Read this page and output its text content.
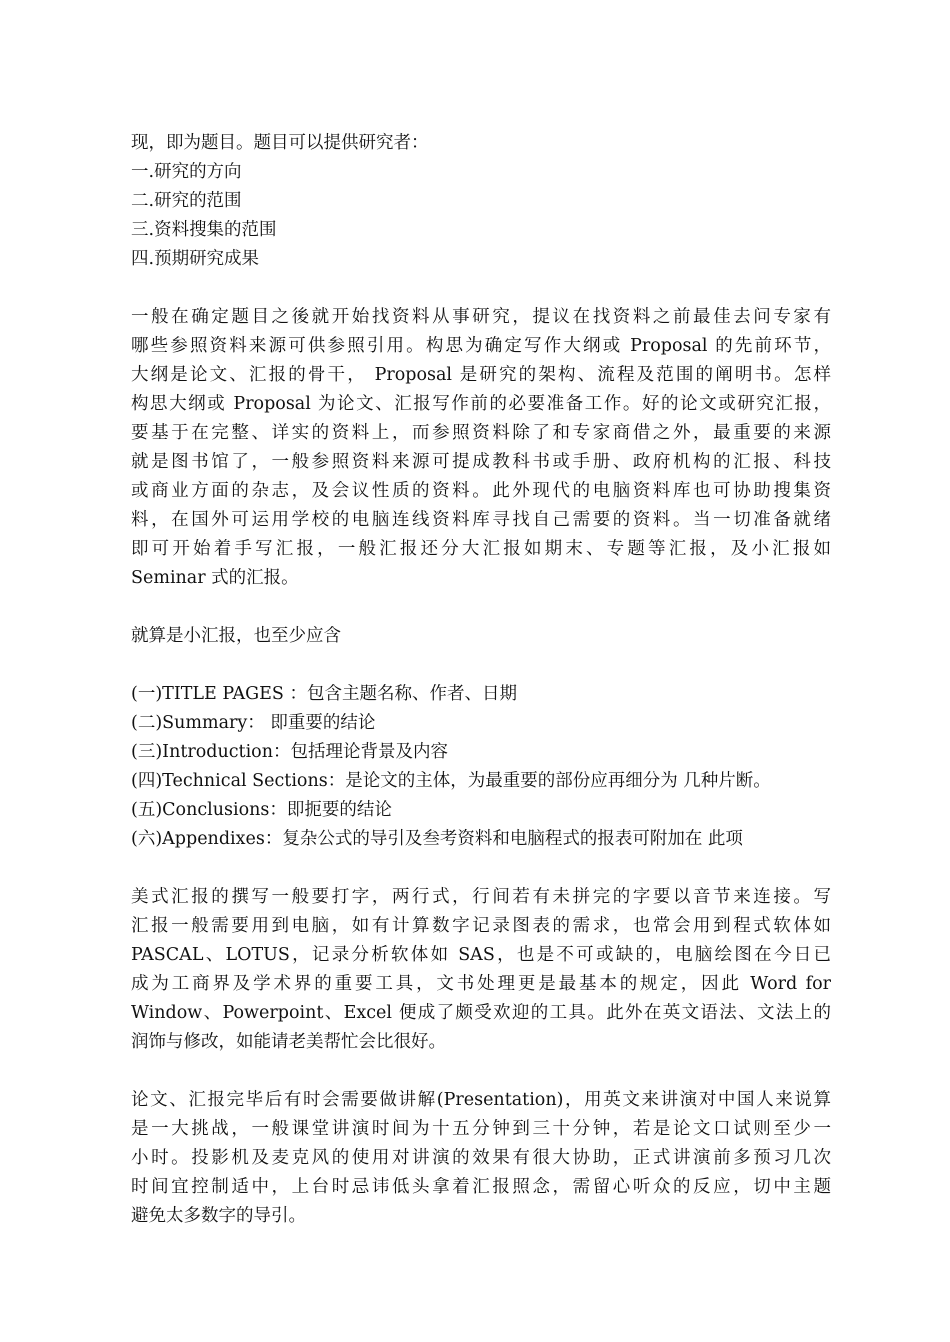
现，即为题目。题目可以提供研究者：

一.研究的方向

二.研究的范围

三.资料搜集的范围

四.预期研究成果

一般在确定题目之後就开始找资料从事研究，提议在找资料之前最佳去问专家有

哪些参照资料来源可供参照引用。构思为确定写作大纲或 Proposal 的先前环节，

大纲是论文、汇报的骨干， Proposal 是研究的架构、流程及范围的阐明书。怎样

构思大纲或 Proposal 为论文、汇报写作前的必要准备工作。好的论文或研究汇报，

要基于在完整、详实的资料上，而参照资料除了和专家商借之外，最重要的来源

就是图书馆了，一般参照资料来源可提成教科书或手册、政府机构的汇报、科技

或商业方面的杂志，及会议性质的资料。此外现代的电脑资料库也可协助搜集资

料，在国外可运用学校的电脑连线资料库寻找自己需要的资料。当一切准备就绪

即可开始着手写汇报，一般汇报还分大汇报如期末、专题等汇报，及小汇报如

Seminar 式的汇报。

就算是小汇报，也至少应含

(一)TITLE PAGES ：包含主题名称、作者、日期

(二)Summary： 即重要的结论

(三)Introduction：包括理论背景及内容

(四)Technical Sections：是论文的主体，为最重要的部份应再细分为 几种片断。

(五)Conclusions：即扼要的结论

(六)Appendixes：复杂公式的导引及叁考资料和电脑程式的报表可附加在 此项

美式汇报的撰写一般要打字，两行式，行间若有未拼完的字要以音节来连接。写

汇报一般需要用到电脑，如有计算数字记录图表的需求，也常会用到程式软体如

PASCAL、LOTUS，记录分析软体如 SAS，也是不可或缺的，电脑绘图在今日已

成为工商界及学术界的重要工具，文书处理更是最基本的规定，因此 Word for

Window、Powerpoint、Excel 便成了颇受欢迎的工具。此外在英文语法、文法上的

润饰与修改，如能请老美帮忙会比很好。

论文、汇报完毕后有时会需要做讲解(Presentation)，用英文来讲演对中国人来说算

是一大挑战，一般课堂讲演时间为十五分钟到三十分钟，若是论文口试则至少一

小时。投影机及麦克风的使用对讲演的效果有很大协助，正式讲演前多预习几次

时间宜控制适中，上台时忌讳低头拿着汇报照念，需留心听众的反应，切中主题

避免太多数字的导引。
